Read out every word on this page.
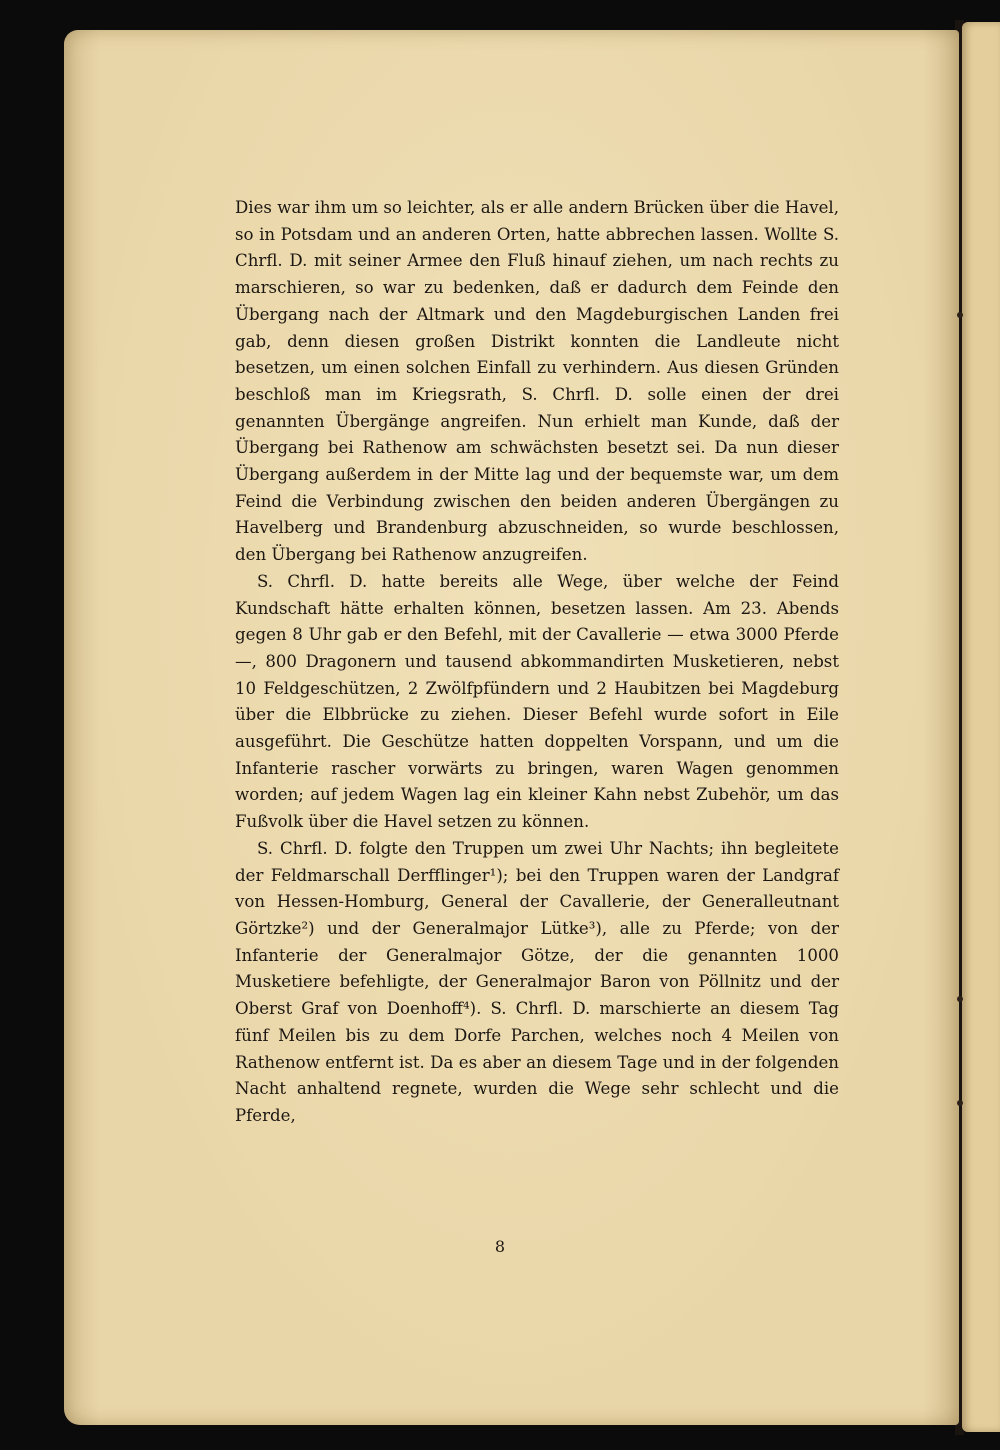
Dies war ihm um so leichter, als er alle andern Brücken über die Havel, so in Potsdam und an anderen Orten, hatte abbrechen lassen. Wollte S. Chrfl. D. mit seiner Armee den Fluß hinauf ziehen, um nach rechts zu marschieren, so war zu bedenken, daß er dadurch dem Feinde den Übergang nach der Altmark und den Magdeburgischen Landen frei gab, denn diesen großen Distrikt konnten die Landleute nicht besetzen, um einen solchen Einfall zu verhindern. Aus diesen Gründen beschloß man im Kriegsrath, S. Chrfl. D. solle einen der drei genannten Übergänge angreifen. Nun erhielt man Kunde, daß der Übergang bei Rathenow am schwächsten besetzt sei. Da nun dieser Übergang außerdem in der Mitte lag und der bequemste war, um dem Feind die Verbindung zwischen den beiden anderen Übergängen zu Havelberg und Brandenburg abzuschneiden, so wurde beschlossen, den Übergang bei Rathenow anzugreifen.

S. Chrfl. D. hatte bereits alle Wege, über welche der Feind Kundschaft hätte erhalten können, besetzen lassen. Am 23. Abends gegen 8 Uhr gab er den Befehl, mit der Cavallerie — etwa 3000 Pferde —, 800 Dragonern und tausend abkommandirten Musketieren, nebst 10 Feldgeschützen, 2 Zwölfpfündern und 2 Haubitzen bei Magdeburg über die Elbbrücke zu ziehen. Dieser Befehl wurde sofort in Eile ausgeführt. Die Geschütze hatten doppelten Vorspann, und um die Infanterie rascher vorwärts zu bringen, waren Wagen genommen worden; auf jedem Wagen lag ein kleiner Kahn nebst Zubehör, um das Fußvolk über die Havel setzen zu können.

S. Chrfl. D. folgte den Truppen um zwei Uhr Nachts; ihn begleitete der Feldmarschall Derfflinger¹); bei den Truppen waren der Landgraf von Hessen-Homburg, General der Cavallerie, der Generalleutnant Görtzke²) und der Generalmajor Lütke³), alle zu Pferde; von der Infanterie der Generalmajor Götze, der die genannten 1000 Musketiere befehligte, der Generalmajor Baron von Pöllnitz und der Oberst Graf von Doenhoff⁴). S. Chrfl. D. marschierte an diesem Tag fünf Meilen bis zu dem Dorfe Parchen, welches noch 4 Meilen von Rathenow entfernt ist. Da es aber an diesem Tage und in der folgenden Nacht anhaltend regnete, wurden die Wege sehr schlecht und die Pferde,

8
